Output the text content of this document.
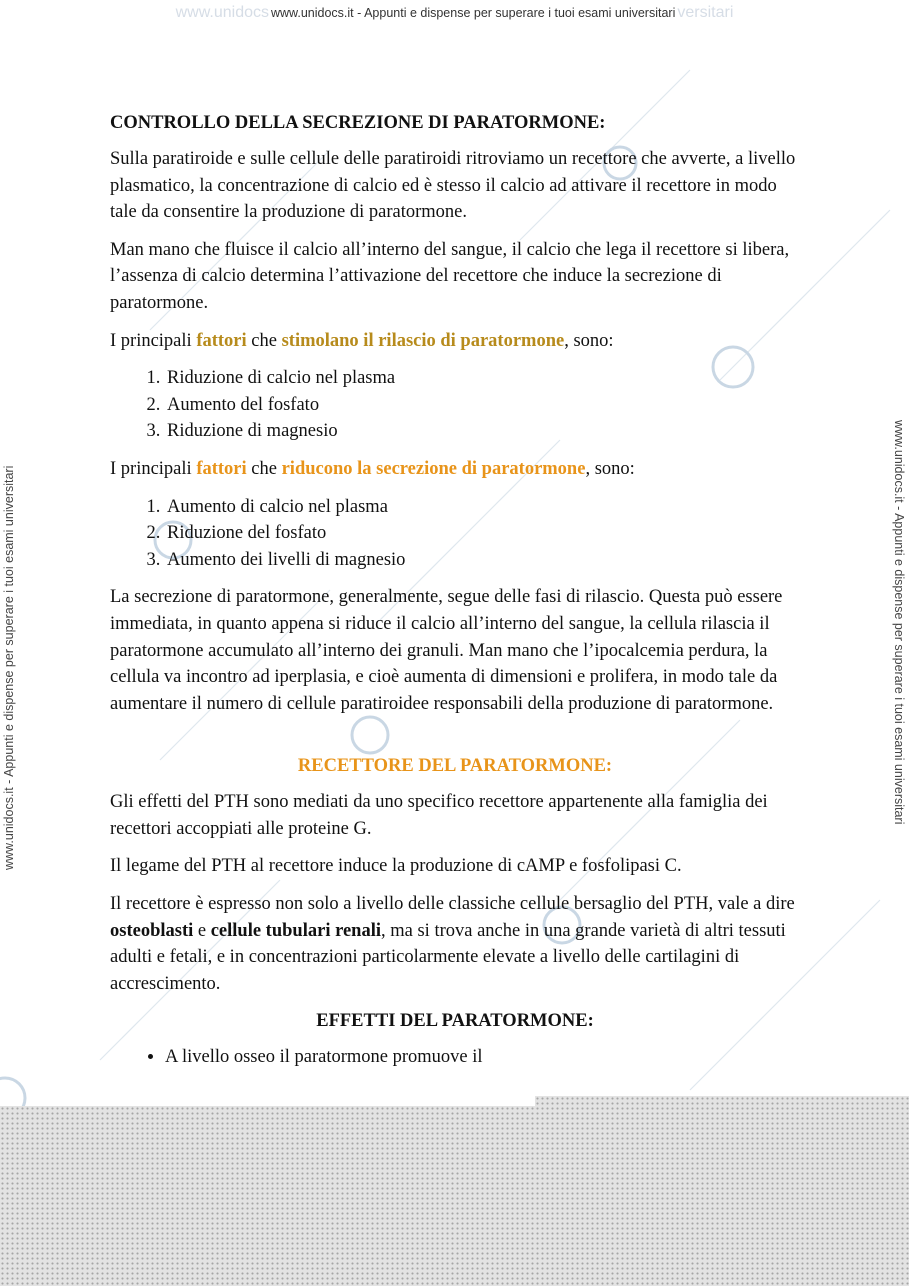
www.unidocs www.unidocs.it - Appunti e dispense per superare i tuoi esami universitari versitari
www.unidocs.it - Appunti e dispense per superare i tuoi esami universitari	www.unidocs.it - Appunti e dispense per superare i tuoi esami universitari
CONTROLLO DELLA SECREZIONE DI PARATORMONE:

Sulla paratiroide e sulle cellule delle paratiroidi ritroviamo un recettore che avverte, a livello plasmatico, la concentrazione di calcio ed è stesso il calcio ad attivare il recettore in modo tale da consentire la produzione di paratormone.

Man mano che fluisce il calcio all’interno del sangue, il calcio che lega il recettore si libera, l’assenza di calcio determina l’attivazione del recettore che induce la secrezione di paratormone.

I principali fattori che stimolano il rilascio di paratormone, sono:

1. Riduzione di calcio nel plasma
2. Aumento del fosfato
3. Riduzione di magnesio

I principali fattori che riducono la secrezione di paratormone, sono:

1. Aumento di calcio nel plasma
2. Riduzione del fosfato
3. Aumento dei livelli di magnesio

La secrezione di paratormone, generalmente, segue delle fasi di rilascio. Questa può essere immediata, in quanto appena si riduce il calcio all’interno del sangue, la cellula rilascia il paratormone accumulato all’interno dei granuli. Man mano che l’ipocalcemia perdura, la cellula va incontro ad iperplasia, e cioè aumenta di dimensioni e prolifera, in modo tale da aumentare il numero di cellule paratiroidee responsabili della produzione di paratormone.

RECETTORE DEL PARATORMONE:

Gli effetti del PTH sono mediati da uno specifico recettore appartenente alla famiglia dei recettori accoppiati alle proteine G.

Il legame del PTH al recettore induce la produzione di cAMP e fosfolipasi C.

Il recettore è espresso non solo a livello delle classiche cellule bersaglio del PTH, vale a dire osteoblasti e cellule tubulari renali, ma si trova anche in una grande varietà di altri tessuti adulti e fetali, e in concentrazioni particolarmente elevate a livello delle cartilagini di accrescimento.

EFFETTI DEL PARATORMONE:
• A livello osseo il paratormone promuove il
